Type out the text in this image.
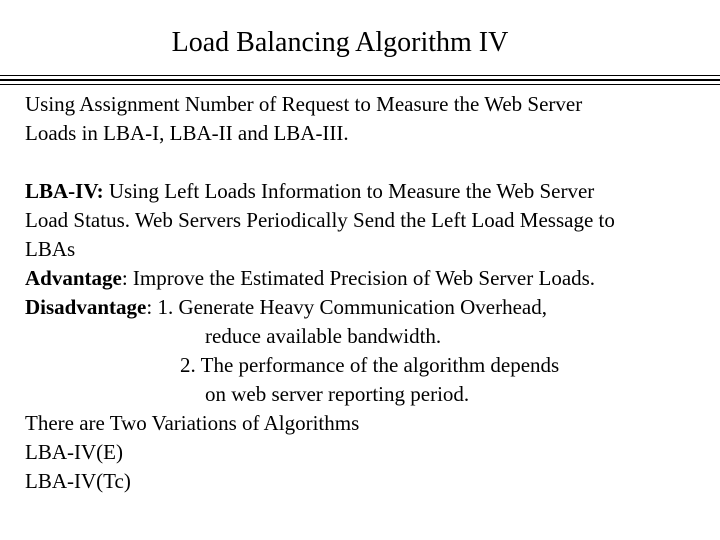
Load Balancing Algorithm IV
Using Assignment Number of Request to Measure the Web Server
Loads in LBA-I, LBA-II and LBA-III.
LBA-IV: Using Left Loads Information to Measure the Web Server
Load Status. Web Servers Periodically Send the Left Load Message to
LBAs
Advantage: Improve the Estimated Precision of Web Server Loads.
Disadvantage: 1. Generate Heavy Communication Overhead,
reduce available bandwidth.
2. The performance of the algorithm depends
on web server reporting period.
There are Two Variations of Algorithms
LBA-IV(E)
LBA-IV(Tc)
